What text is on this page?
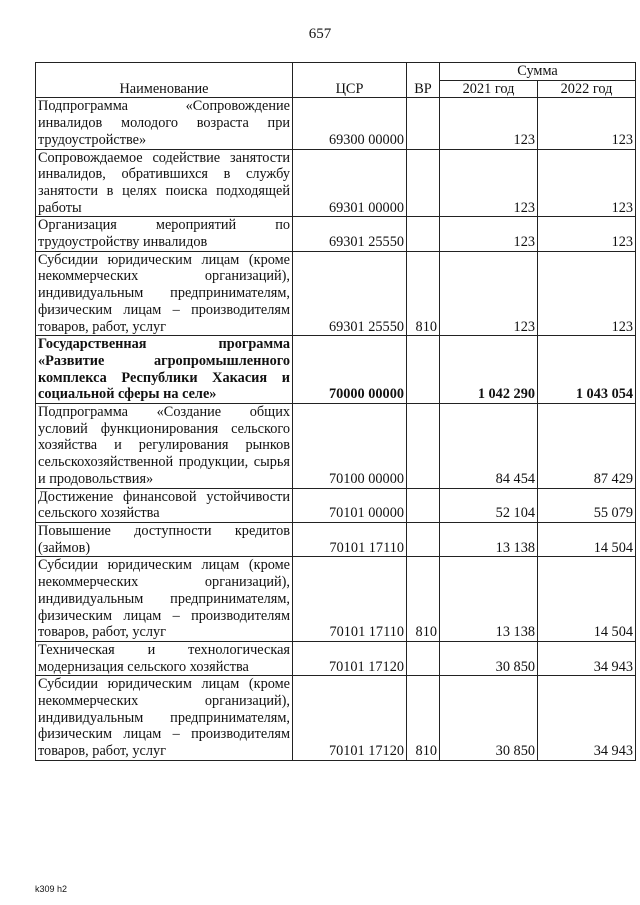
657
Наименование	ЦСР	ВР	Сумма	
			2021 год	2022 год
Подпрограмма «Сопровождение инвалидов молодого возраста при трудоустройстве»	69300 00000		123	123
Сопровождаемое содействие занятости инвалидов, обратившихся в службу занятости в целях поиска подходящей работы	69301 00000		123	123
Организация мероприятий по трудоустройству инвалидов	69301 25550		123	123
Субсидии юридическим лицам (кроме некоммерческих организаций), индивидуальным предпринимателям, физическим лицам – производителям товаров, работ, услуг	69301 25550	810	123	123
Государственная программа «Развитие агропромышленного комплекса Республики Хакасия и социальной сферы на селе»	70000 00000		1 042 290	1 043 054
Подпрограмма «Создание общих условий функционирования сельского хозяйства и регулирования рынков сельскохозяйственной продукции, сырья и продовольствия»	70100 00000		84 454	87 429
Достижение финансовой устойчивости сельского хозяйства	70101 00000		52 104	55 079
Повышение доступности кредитов (займов)	70101 17110		13 138	14 504
Субсидии юридическим лицам (кроме некоммерческих организаций), индивидуальным предпринимателям, физическим лицам – производителям товаров, работ, услуг	70101 17110	810	13 138	14 504
Техническая и технологическая модернизация сельского хозяйства	70101 17120		30 850	34 943
Субсидии юридическим лицам (кроме некоммерческих организаций), индивидуальным предпринимателям, физическим лицам – производителям товаров, работ, услуг	70101 17120	810	30 850	34 943
k309 h2
